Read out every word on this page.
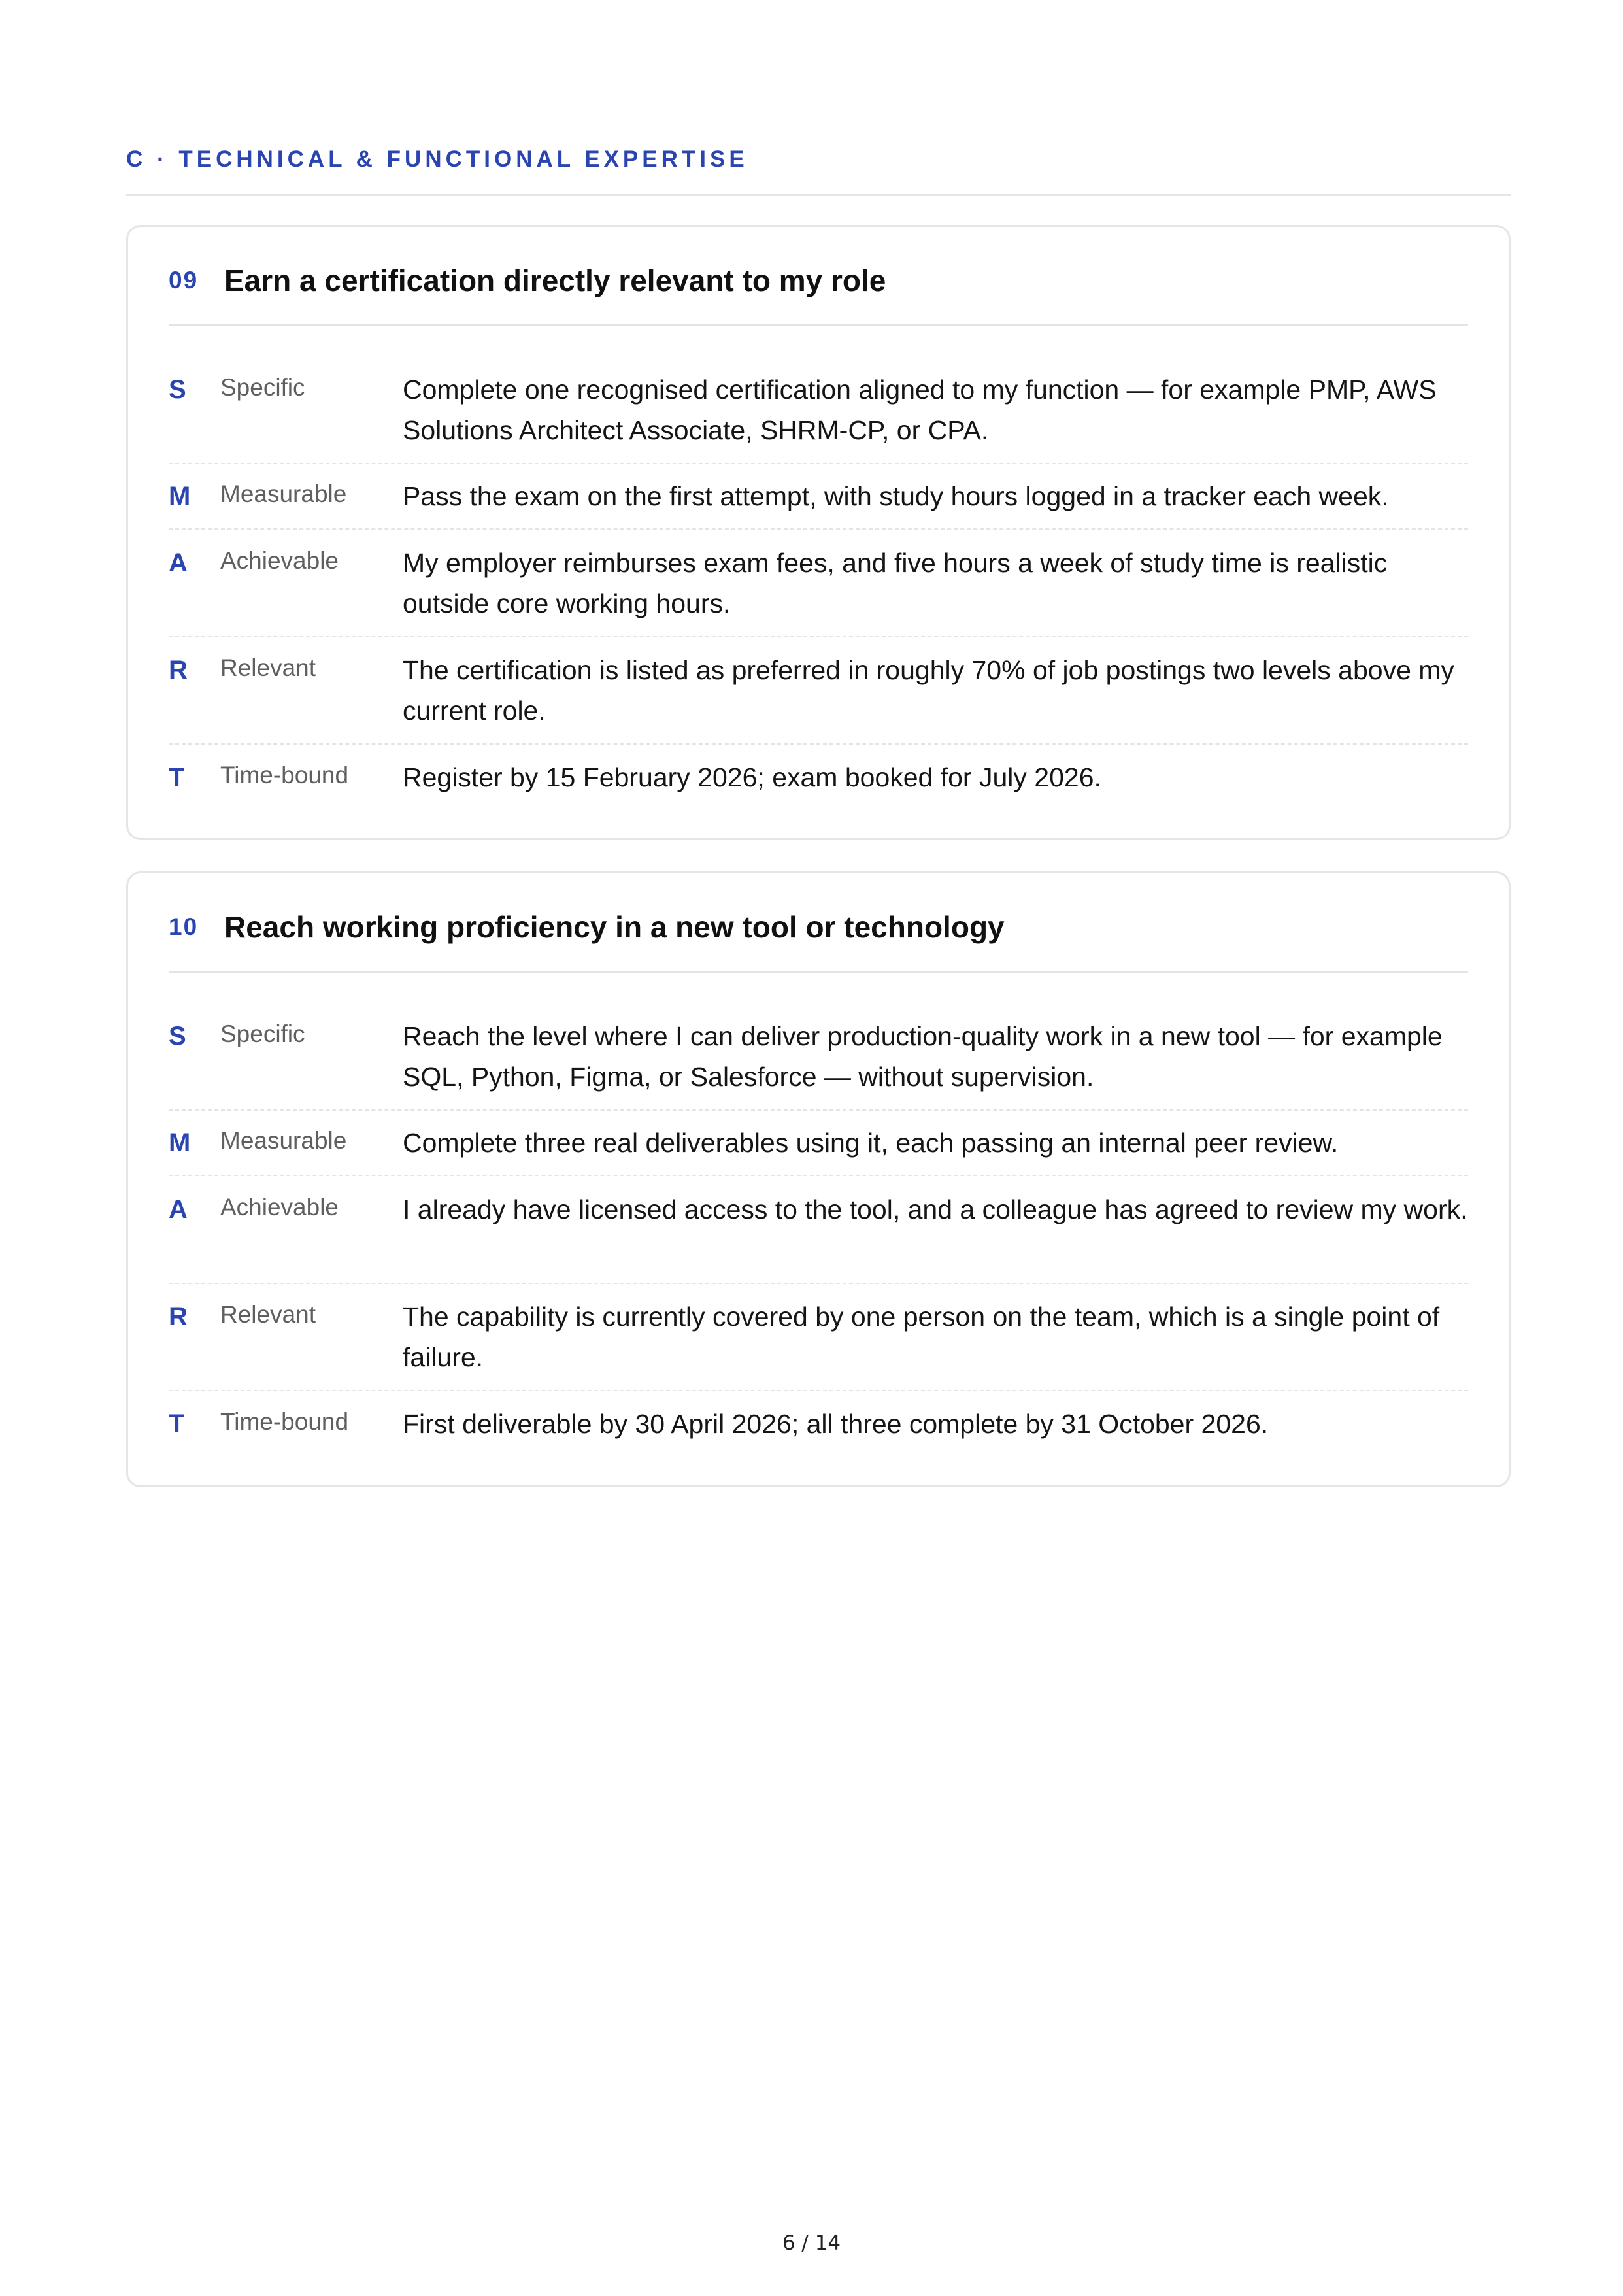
C · TECHNICAL & FUNCTIONAL EXPERTISE
09 Earn a certification directly relevant to my role
S Specific	Complete one recognised certification aligned to my function — for example PMP, AWS Solutions Architect Associate, SHRM-CP, or CPA.
M Measurable Pass the exam on the first attempt, with study hours logged in a tracker each week.
A Achievable My employer reimburses exam fees, and five hours a week of study time is realistic outside core working hours.
R Relevant	The certification is listed as preferred in roughly 70% of job postings two levels above my current role.
T Time-bound Register by 15 February 2026; exam booked for July 2026.
10 Reach working proficiency in a new tool or technology
S Specific	Reach the level where I can deliver production-quality work in a new tool — for example SQL, Python, Figma, or Salesforce — without supervision.
M Measurable Complete three real deliverables using it, each passing an internal peer review.
A Achievable I already have licensed access to the tool, and a colleague has agreed to review my work.
R Relevant	The capability is currently covered by one person on the team, which is a single point of failure.
T Time-bound First deliverable by 30 April 2026; all three complete by 31 October 2026.
6 / 14
